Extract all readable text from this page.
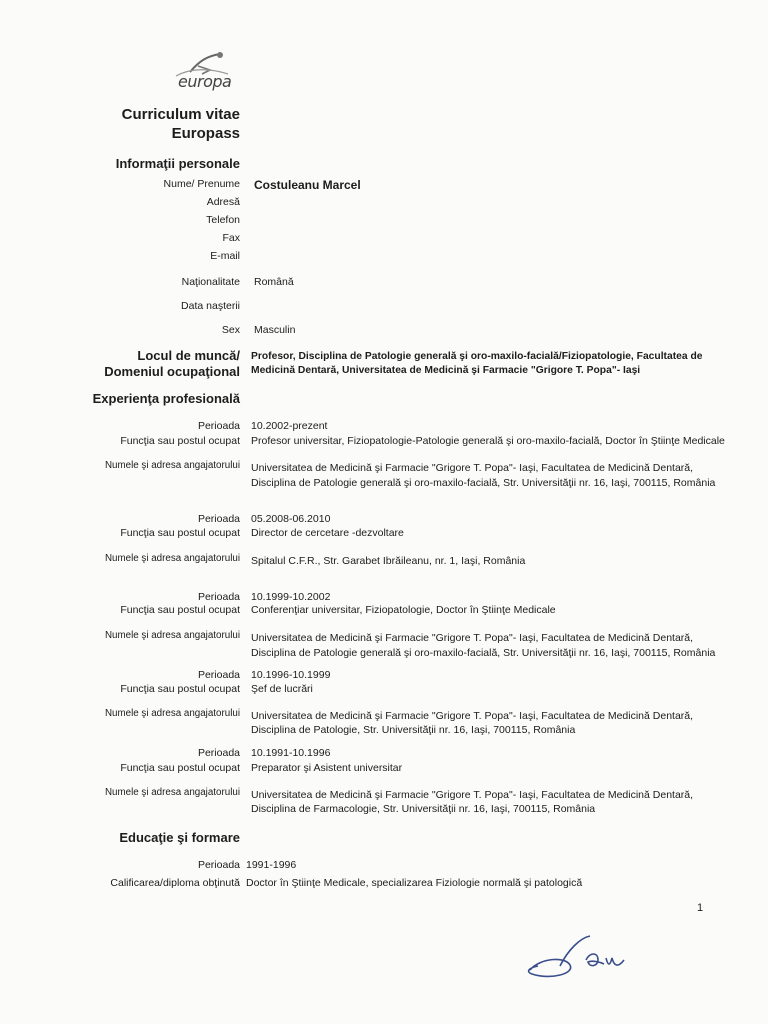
europa
Curriculum vitae
Europass
Informaţii personale
Nume/ Prenume Costuleanu Marcel
Adresă
Telefon
Fax
E-mail
Naţionalitate Română
Data naşterii
Sex Masculin
Locul de muncă/
Domeniul ocupaţional
Profesor, Disciplina de Patologie generală şi oro-maxilo-facială/Fiziopatologie, Facultatea de
Medicină Dentară, Universitatea de Medicină şi Farmacie "Grigore T. Popa"- Iaşi
Experienţa profesională
Perioada 10.2002-prezent
Funcţia sau postul ocupat Profesor universitar, Fiziopatologie-Patologie generală şi oro-maxilo-facială, Doctor în Ştiinţe Medicale
Numele şi adresa angajatorului Universitatea de Medicină şi Farmacie "Grigore T. Popa"- Iaşi, Facultatea de Medicină Dentară,
Disciplina de Patologie generală şi oro-maxilo-facială, Str. Universităţii nr. 16, Iaşi, 700115, România
Perioada 05.2008-06.2010
Funcţia sau postul ocupat Director de cercetare -dezvoltare
Numele şi adresa angajatorului Spitalul C.F.R., Str. Garabet Ibrăileanu, nr. 1, Iaşi, România
Perioada 10.1999-10.2002
Funcţia sau postul ocupat Conferenţiar universitar, Fiziopatologie, Doctor în Ştiinţe Medicale
Numele şi adresa angajatorului Universitatea de Medicină şi Farmacie "Grigore T. Popa"- Iaşi, Facultatea de Medicină Dentară,
Disciplina de Patologie generală şi oro-maxilo-facială, Str. Universităţii nr. 16, Iaşi, 700115, România
Perioada 10.1996-10.1999
Funcţia sau postul ocupat Şef de lucrări
Numele şi adresa angajatorului Universitatea de Medicină şi Farmacie "Grigore T. Popa"- Iaşi, Facultatea de Medicină Dentară,
Disciplina de Patologie, Str. Universităţii nr. 16, Iaşi, 700115, România
Perioada 10.1991-10.1996
Funcţia sau postul ocupat Preparator şi Asistent universitar
Numele şi adresa angajatorului Universitatea de Medicină şi Farmacie "Grigore T. Popa"- Iaşi, Facultatea de Medicină Dentară,
Disciplina de Farmacologie, Str. Universităţii nr. 16, Iaşi, 700115, România
Educaţie şi formare
Perioada 1991-1996
Calificarea/diploma obţinută Doctor în Ştiinţe Medicale, specializarea Fiziologie normală şi patologică
1
